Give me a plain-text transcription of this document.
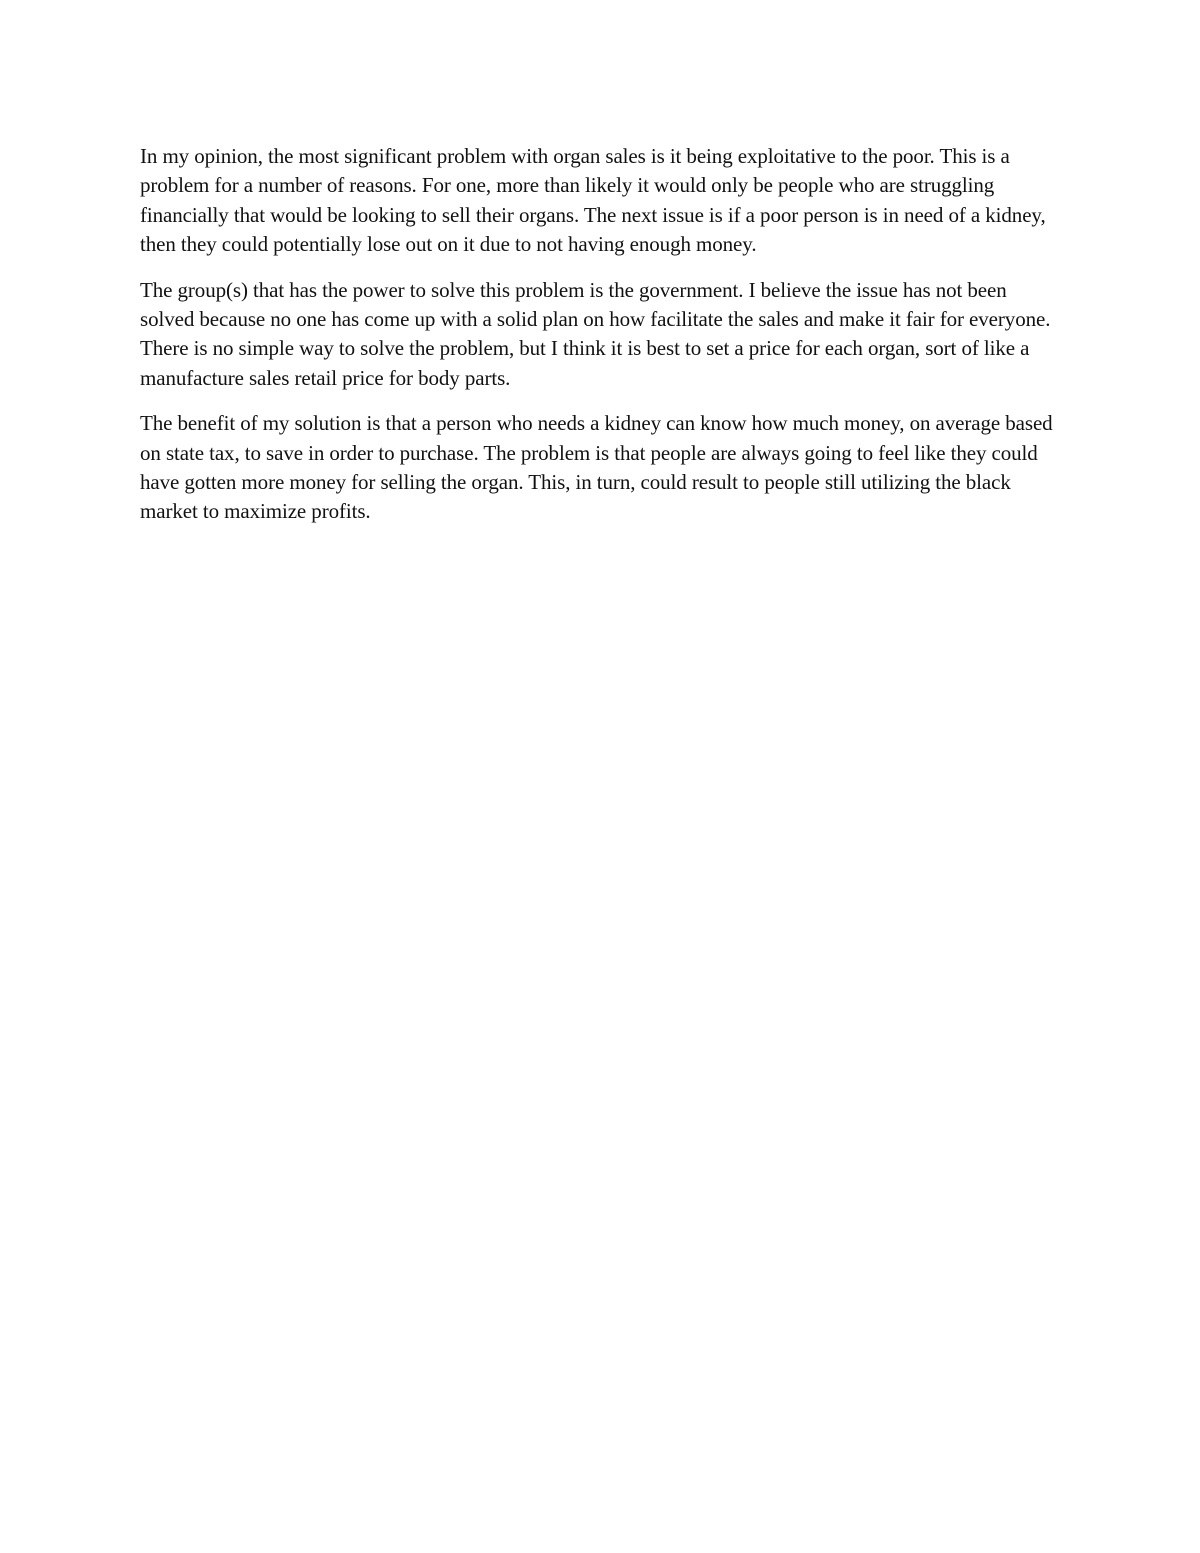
In my opinion, the most significant problem with organ sales is it being exploitative to the poor. This is a problem for a number of reasons. For one, more than likely it would only be people who are struggling financially that would be looking to sell their organs. The next issue is if a poor person is in need of a kidney, then they could potentially lose out on it due to not having enough money.

The group(s) that has the power to solve this problem is the government. I believe the issue has not been solved because no one has come up with a solid plan on how facilitate the sales and make it fair for everyone. There is no simple way to solve the problem, but I think it is best to set a price for each organ, sort of like a manufacture sales retail price for body parts.

The benefit of my solution is that a person who needs a kidney can know how much money, on average based on state tax, to save in order to purchase. The problem is that people are always going to feel like they could have gotten more money for selling the organ. This, in turn, could result to people still utilizing the black market to maximize profits.
